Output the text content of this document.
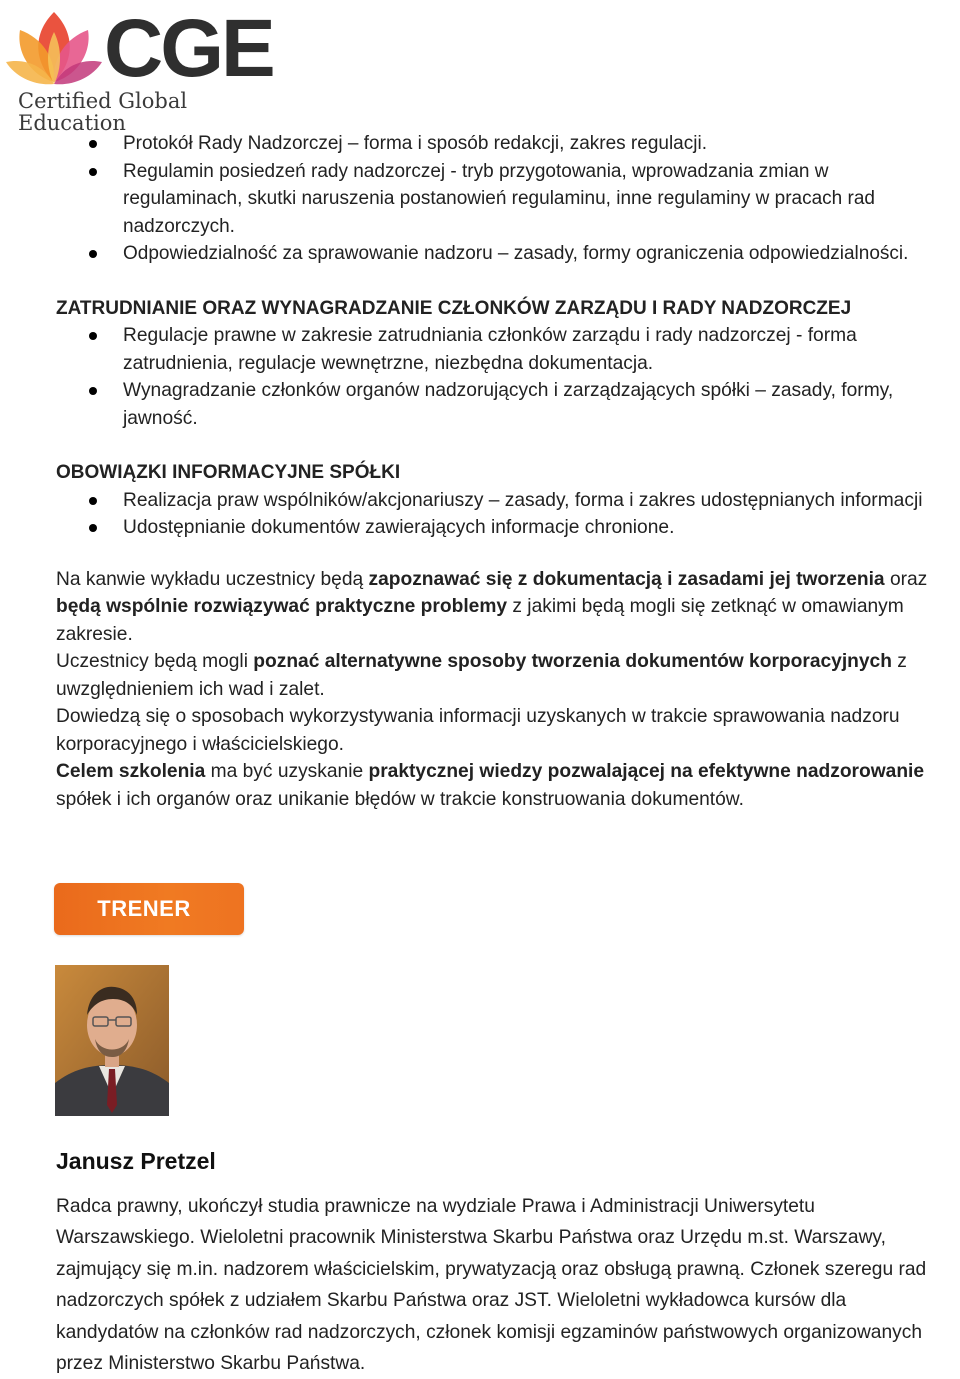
CGE
Certified Global Education
Protokół Rady Nadzorczej – forma i sposób redakcji, zakres regulacji.
Regulamin posiedzeń rady nadzorczej - tryb przygotowania, wprowadzania zmian w regulaminach, skutki naruszenia postanowień regulaminu, inne regulaminy w pracach rad nadzorczych.
Odpowiedzialność za sprawowanie nadzoru – zasady, formy ograniczenia odpowiedzialności.
ZATRUDNIANIE ORAZ WYNAGRADZANIE CZŁONKÓW ZARZĄDU I RADY NADZORCZEJ
Regulacje prawne w zakresie zatrudniania członków zarządu i rady nadzorczej - forma zatrudnienia, regulacje wewnętrzne, niezbędna dokumentacja.
Wynagradzanie członków organów nadzorujących i zarządzających spółki – zasady, formy, jawność.
OBOWIĄZKI INFORMACYJNE SPÓŁKI
Realizacja praw wspólników/akcjonariuszy – zasady, forma i zakres udostępnianych informacji
Udostępnianie dokumentów zawierających informacje chronione.

Na kanwie wykładu uczestnicy będą zapoznawać się z dokumentacją i zasadami jej tworzenia oraz będą wspólnie rozwiązywać praktyczne problemy z jakimi będą mogli się zetknąć w omawianym zakresie.

Uczestnicy będą mogli poznać alternatywne sposoby tworzenia dokumentów korporacyjnych z uwzględnieniem ich wad i zalet.

Dowiedzą się o sposobach wykorzystywania informacji uzyskanych w trakcie sprawowania nadzoru korporacyjnego i właścicielskiego.

Celem szkolenia ma być uzyskanie praktycznej wiedzy pozwalającej na efektywne nadzorowanie spółek i ich organów oraz unikanie błędów w trakcie konstruowania dokumentów.

TRENER
Janusz Pretzel
Radca prawny, ukończył studia prawnicze na wydziale Prawa i Administracji Uniwersytetu Warszawskiego. Wieloletni pracownik Ministerstwa Skarbu Państwa oraz Urzędu m.st. Warszawy, zajmujący się m.in. nadzorem właścicielskim, prywatyzacją oraz obsługą prawną. Członek szeregu rad nadzorczych spółek z udziałem Skarbu Państwa oraz JST. Wieloletni wykładowca kursów dla kandydatów na członków rad nadzorczych, członek komisji egzaminów państwowych organizowanych przez Ministerstwo Skarbu Państwa.
